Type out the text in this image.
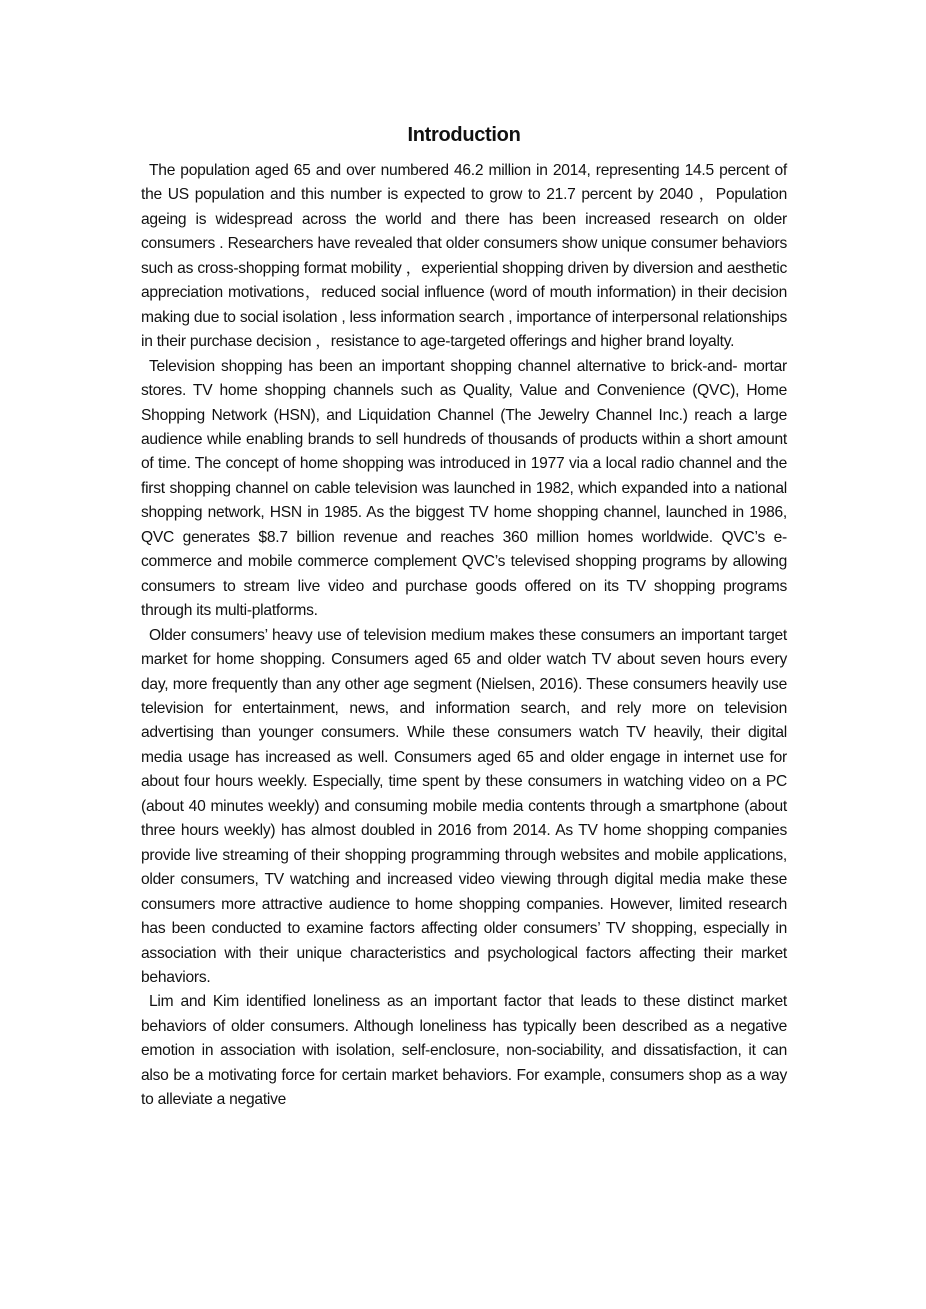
Introduction

The population aged 65 and over numbered 46.2 million in 2014, representing 14.5 percent of the US population and this number is expected to grow to 21.7 percent by 2040 ，Population ageing is widespread across the world and there has been increased research on older consumers . Researchers have revealed that older consumers show unique consumer behaviors such as cross-shopping format mobility ，experiential shopping driven by diversion and aesthetic appreciation motivations，reduced social influence (word of mouth information) in their decision making due to social isolation , less information search , importance of interpersonal relationships in their purchase decision ，resistance to age-targeted offerings and higher brand loyalty.

Television shopping has been an important shopping channel alternative to brick-and- mortar stores. TV home shopping channels such as Quality, Value and Convenience (QVC), Home Shopping Network (HSN), and Liquidation Channel (The Jewelry Channel Inc.) reach a large audience while enabling brands to sell hundreds of thousands of products within a short amount of time. The concept of home shopping was introduced in 1977 via a local radio channel and the first shopping channel on cable television was launched in 1982, which expanded into a national shopping network, HSN in 1985. As the biggest TV home shopping channel, launched in 1986, QVC generates $8.7 billion revenue and reaches 360 million homes worldwide. QVC’s e-commerce and mobile commerce complement QVC’s televised shopping programs by allowing consumers to stream live video and purchase goods offered on its TV shopping programs through its multi-platforms.

Older consumers’ heavy use of television medium makes these consumers an important target market for home shopping. Consumers aged 65 and older watch TV about seven hours every day, more frequently than any other age segment (Nielsen, 2016). These consumers heavily use television for entertainment, news, and information search, and rely more on television advertising than younger consumers. While these consumers watch TV heavily, their digital media usage has increased as well. Consumers aged 65 and older engage in internet use for about four hours weekly. Especially, time spent by these consumers in watching video on a PC (about 40 minutes weekly) and consuming mobile media contents through a smartphone (about three hours weekly) has almost doubled in 2016 from 2014. As TV home shopping companies provide live streaming of their shopping programming through websites and mobile applications, older consumers, TV watching and increased video viewing through digital media make these consumers more attractive audience to home shopping companies. However, limited research has been conducted to examine factors affecting older consumers’ TV shopping, especially in association with their unique characteristics and psychological factors affecting their market behaviors.

Lim and Kim identified loneliness as an important factor that leads to these distinct market behaviors of older consumers. Although loneliness has typically been described as a negative emotion in association with isolation, self-enclosure, non-sociability, and dissatisfaction, it can also be a motivating force for certain market behaviors. For example, consumers shop as a way to alleviate a negative
